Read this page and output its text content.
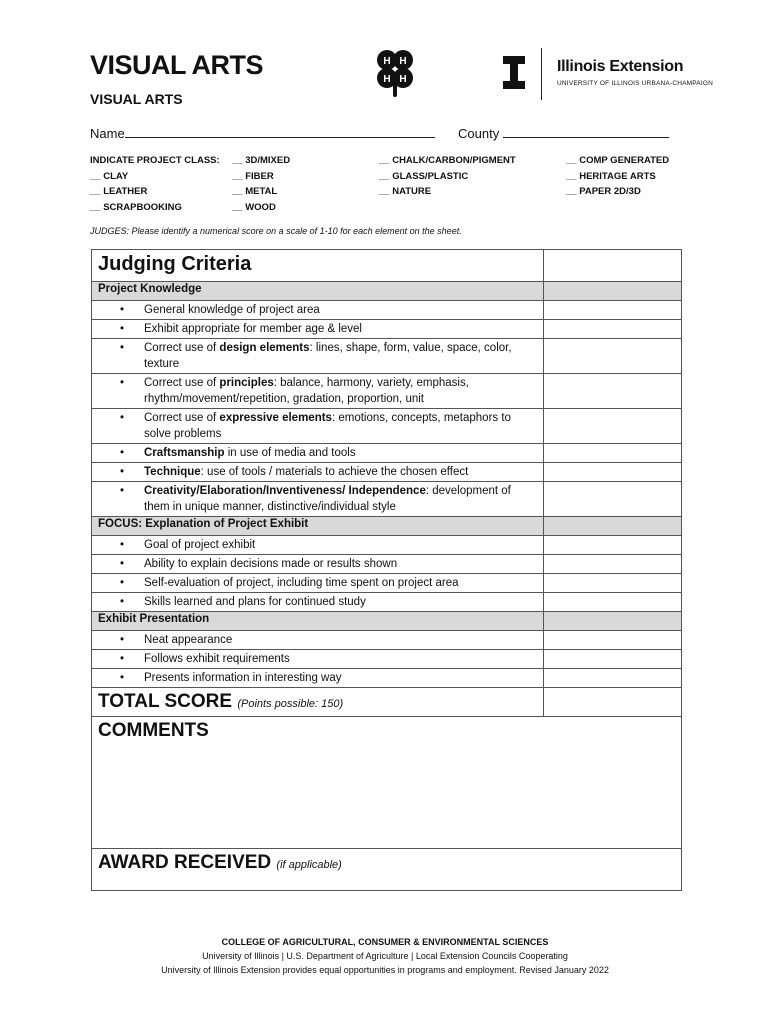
VISUAL ARTS
VISUAL ARTS
H H
H H
Illinois Extension
UNIVERSITY OF ILLINOIS URBANA-CHAMPAIGN
Name	County
INDICATE PROJECT CLASS:
__ CLAY
__ LEATHER
__ SCRAPBOOKING
__ 3D/MIXED
__ FIBER
__ METAL
__ WOOD
__ CHALK/CARBON/PIGMENT
__ GLASS/PLASTIC
__ NATURE
__ COMP GENERATED
__ HERITAGE ARTS
__ PAPER 2D/3D
JUDGES: Please identify a numerical score on a scale of 1-10 for each element on the sheet.
Judging Criteria	
Project Knowledge	

• General knowledge of project area	

• Exhibit appropriate for member age & level	

• Correct use of design elements: lines, shape, form, value, space, color, texture	

• Correct use of principles: balance, harmony, variety, emphasis, rhythm/movement/repetition, gradation, proportion, unit	

• Correct use of expressive elements: emotions, concepts, metaphors to solve problems	

• Craftsmanship in use of media and tools	

• Technique: use of tools / materials to achieve the chosen effect	

• Creativity/Elaboration/Inventiveness/ Independence: development of them in unique manner, distinctive/individual style	
FOCUS: Explanation of Project Exhibit	

• Goal of project exhibit	

• Ability to explain decisions made or results shown	

• Self-evaluation of project, including time spent on project area	

• Skills learned and plans for continued study	
Exhibit Presentation	

• Neat appearance	

• Follows exhibit requirements	

• Presents information in interesting way	
TOTAL SCORE (Points possible: 150)	
COMMENTS	
AWARD RECEIVED (if applicable)	
COLLEGE OF AGRICULTURAL, CONSUMER & ENVIRONMENTAL SCIENCES
University of Illinois | U.S. Department of Agriculture | Local Extension Councils Cooperating
University of Illinois Extension provides equal opportunities in programs and employment. Revised January 2022
